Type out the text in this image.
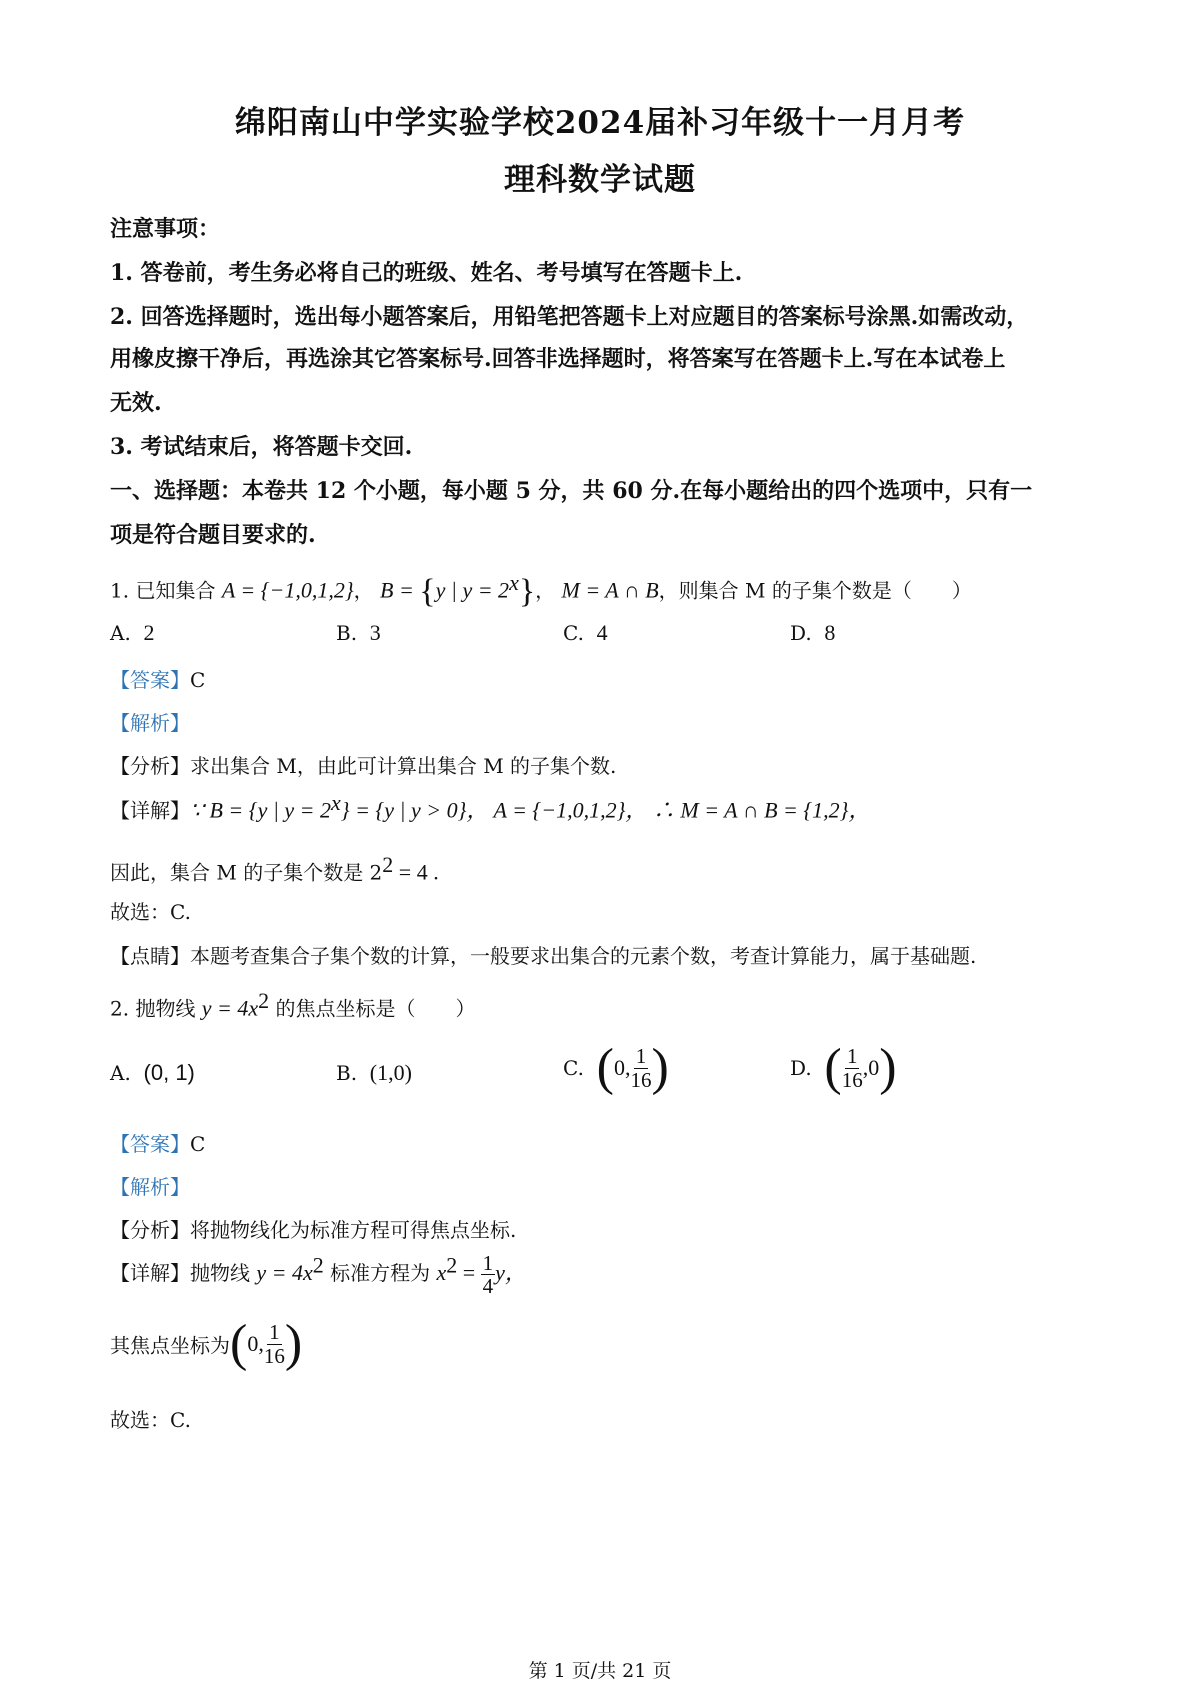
绵阳南山中学实验学校2024届补习年级十一月月考
理科数学试题
注意事项：
1. 答卷前，考生务必将自己的班级、姓名、考号填写在答题卡上.
2. 回答选择题时，选出每小题答案后，用铅笔把答题卡上对应题目的答案标号涂黑.如需改动，
用橡皮擦干净后，再选涂其它答案标号.回答非选择题时，将答案写在答题卡上.写在本试卷上
无效.
3. 考试结束后，将答题卡交回.
一、选择题：本卷共 12 个小题，每小题 5 分，共 60 分.在每小题给出的四个选项中，只有一
项是符合题目要求的.
1. 已知集合 A = {−1,0,1,2}， B = {y | $y = 2^x$}， M = A ∩ B，则集合 M 的子集个数是（　　）
A. 2	B. 3	C. 4	D. 8
【答案】C
【解析】
【分析】求出集合 M，由此可计算出集合 M 的子集个数.
【详解】∵ B = {y | $y = 2^x\} = \{y$ | y > 0}， A = {−1,0,1,2}， ∴ M = A ∩ B = {1,2}，
因此，集合 M 的子集个数是 $2^2 = 4$ .
故选：C.
【点睛】本题考查集合子集个数的计算，一般要求出集合的元素个数，考查计算能力，属于基础题.
2. 抛物线 $y = 4x^2$ 的焦点坐标是（　　）
A. (0, 1)	B. (1,0)	C. (0, $\frac{1}{16}$ )	D. ( $\frac{1}{16} ,0$)
【答案】C
【解析】
【分析】将抛物线化为标准方程可得焦点坐标.
【详解】抛物线 $y = 4x^2$ 标准方程为 $x^2 = \frac{1}{4}$ y，
其焦点坐标为(0, $\frac{1}{16}$ )
故选：C.
第 1 页/共 21 页
